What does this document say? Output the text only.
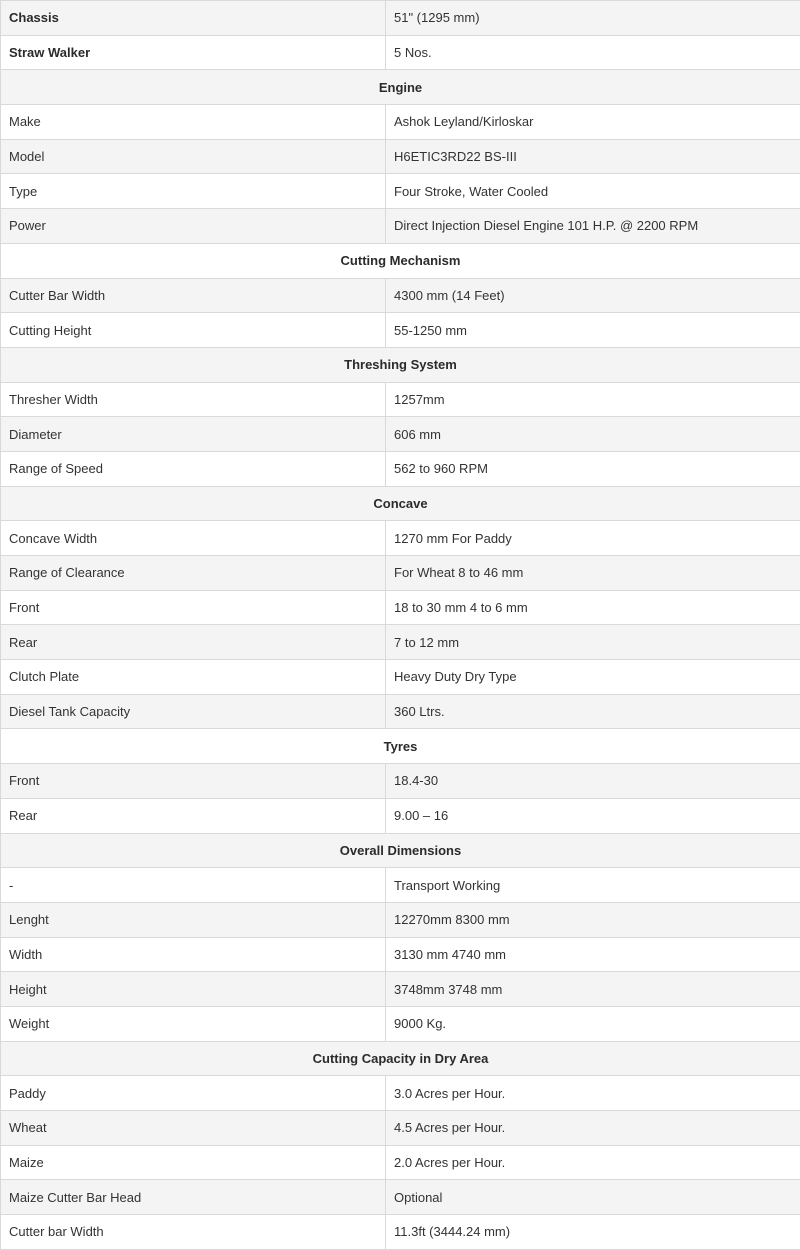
Chassis	51" (1295 mm)
Straw Walker	5 Nos.
Engine	
Make	Ashok Leyland/Kirloskar
Model	H6ETIC3RD22 BS-III
Type	Four Stroke, Water Cooled
Power	Direct Injection Diesel Engine 101 H.P. @ 2200 RPM
Cutting Mechanism	
Cutter Bar Width	4300 mm (14 Feet)
Cutting Height	55-1250 mm
Threshing System	
Thresher Width	1257mm
Diameter	606 mm
Range of Speed	562 to 960 RPM
Concave	
Concave Width	1270 mm For Paddy
Range of Clearance	For Wheat 8 to 46 mm
Front	18 to 30 mm 4 to 6 mm
Rear	7 to 12 mm
Clutch Plate	Heavy Duty Dry Type
Diesel Tank Capacity	360 Ltrs.
Tyres	
Front	18.4-30
Rear	9.00 – 16
Overall Dimensions	
-	Transport Working
Lenght	12270mm 8300 mm
Width	3130 mm 4740 mm
Height	3748mm 3748 mm
Weight	9000 Kg.
Cutting Capacity in Dry Area	
Paddy	3.0 Acres per Hour.
Wheat	4.5 Acres per Hour.
Maize	2.0 Acres per Hour.
Maize Cutter Bar Head	Optional
Cutter bar Width	11.3ft (3444.24 mm)
